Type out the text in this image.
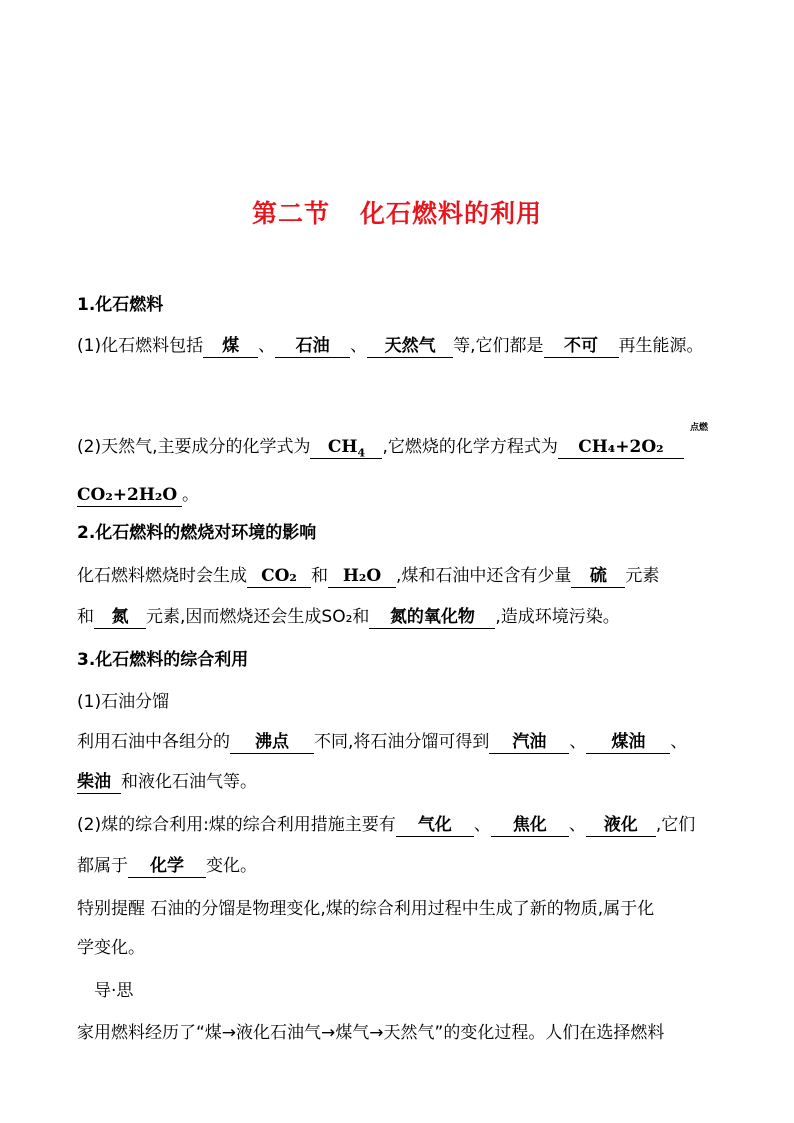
第二节 化石燃料的利用
1.化石燃料
(1)化石燃料包括 煤 、 石油 、 天然气 等,它们都是 不可 再生能源。
点燃
(2)天然气,主要成分的化学式为 $CH_4$ ,它燃烧的化学方程式为 CH₄+2O₂
CO₂+2H₂O 。
2.化石燃料的燃烧对环境的影响
化石燃料燃烧时会生成 CO₂ 和 H₂O ,煤和石油中还含有少量 硫 元素
和 氮 元素,因而燃烧还会生成SO₂和 氮的氧化物 ,造成环境污染。
3.化石燃料的综合利用
(1)石油分馏
利用石油中各组分的 沸点 不同,将石油分馏可得到 汽油 、 煤油 、
柴油 和液化石油气等。
(2)煤的综合利用:煤的综合利用措施主要有 气化 、 焦化 、 液化 ,它们
都属于 化学 变化。
特别提醒 石油的分馏是物理变化,煤的综合利用过程中生成了新的物质,属于化
学变化。
导·思
家用燃料经历了“煤→液化石油气→煤气→天然气”的变化过程。人们在选择燃料
